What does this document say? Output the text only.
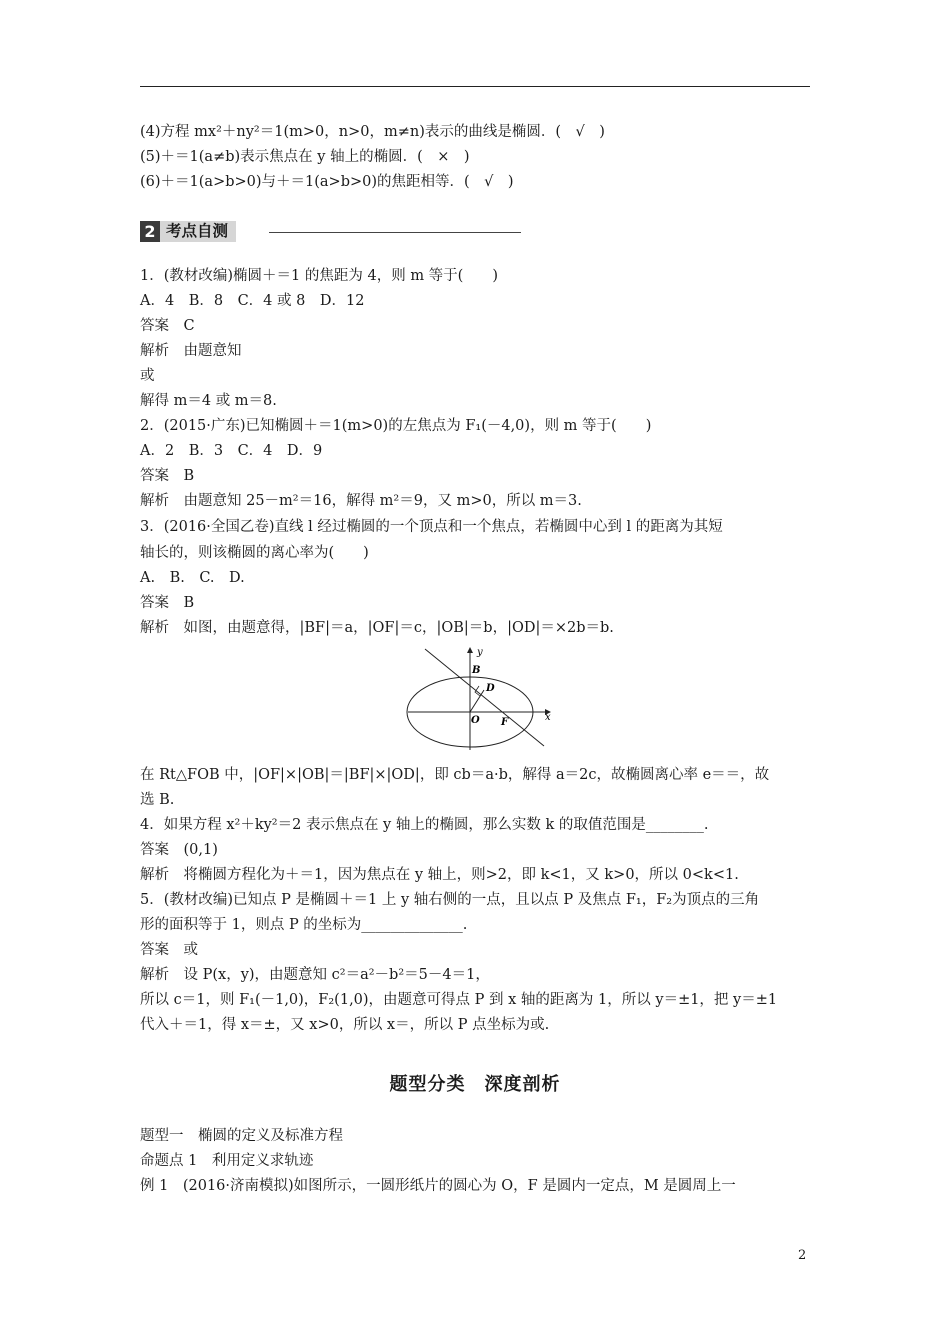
(4)方程 mx²＋ny²＝1(m>0，n>0，m≠n)表示的曲线是椭圆．(　√　)
(5)＋＝1(a≠b)表示焦点在 y 轴上的椭圆．(　×　)
(6)＋＝1(a>b>0)与＋＝1(a>b>0)的焦距相等．(　√　)
2 考点自测
1．(教材改编)椭圆＋＝1 的焦距为 4，则 m 等于(　　)
A．4　B．8　C．4 或 8　D．12
答案　C
解析　由题意知
或
解得 m＝4 或 m＝8.
2．(2015·广东)已知椭圆＋＝1(m>0)的左焦点为 F₁(－4,0)，则 m 等于(　　)
A．2　B．3　C．4　D．9
答案　B
解析　由题意知 25－m²＝16，解得 m²＝9，又 m>0，所以 m＝3.
3．(2016·全国乙卷)直线 l 经过椭圆的一个顶点和一个焦点，若椭圆中心到 l 的距离为其短
轴长的，则该椭圆的离心率为(　　)
A.　B.　C.　D.
答案　B
解析　如图，由题意得，|BF|＝a，|OF|＝c，|OB|＝b，|OD|＝×2b＝b.
y
x
B
D
O F
在 Rt△FOB 中，|OF|×|OB|＝|BF|×|OD|，即 cb＝a·b，解得 a＝2c，故椭圆离心率 e＝＝，故
选 B.
4．如果方程 x²＋ky²＝2 表示焦点在 y 轴上的椭圆，那么实数 k 的取值范围是________.
答案　(0,1)
解析　将椭圆方程化为＋＝1，因为焦点在 y 轴上，则>2，即 k<1，又 k>0，所以 0<k<1.
5．(教材改编)已知点 P 是椭圆＋＝1 上 y 轴右侧的一点，且以点 P 及焦点 F₁，F₂为顶点的三角
形的面积等于 1，则点 P 的坐标为______________.
答案　或
解析　设 P(x，y)，由题意知 c²＝a²－b²＝5－4＝1，
所以 c＝1，则 F₁(－1,0)，F₂(1,0)，由题意可得点 P 到 x 轴的距离为 1，所以 y＝±1，把 y＝±1
代入＋＝1，得 x＝±，又 x>0，所以 x＝，所以 P 点坐标为或.
题型分类　深度剖析
题型一　椭圆的定义及标准方程
命题点 1　利用定义求轨迹
例 1　(2016·济南模拟)如图所示，一圆形纸片的圆心为 O，F 是圆内一定点，M 是圆周上一
2
